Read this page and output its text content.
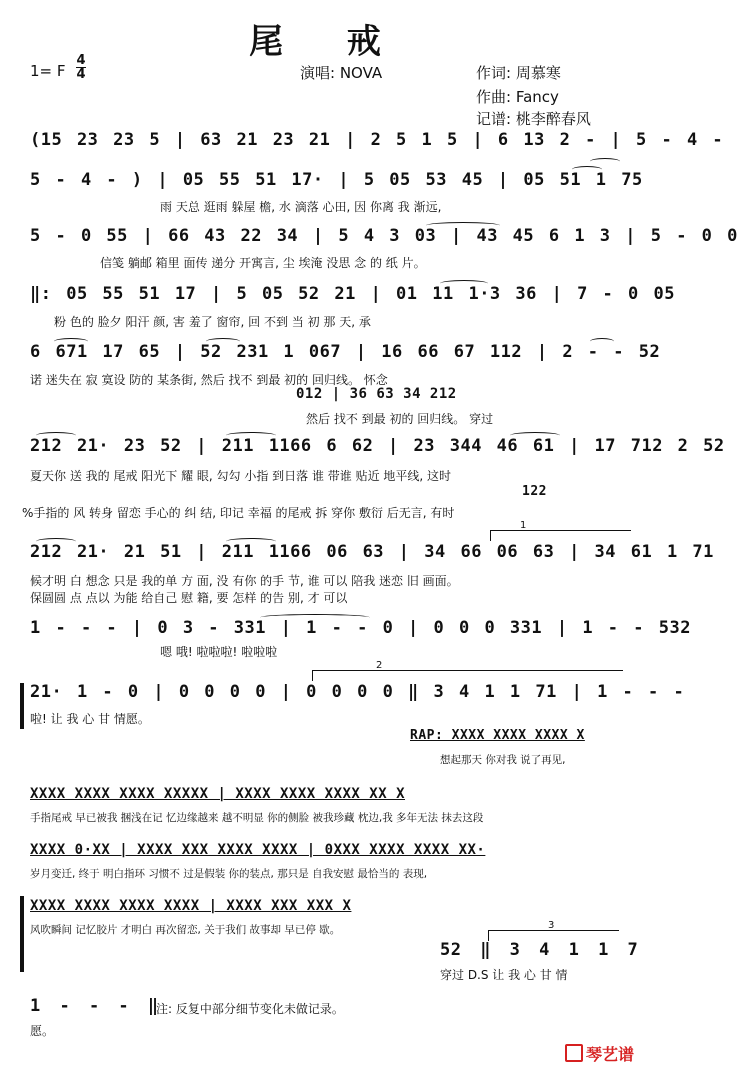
尾 戒
1= F
4
4	演唱: NOVA	作词: 周慕寒
作曲: Fancy
记谱: 桃李醉春风
(15 23 23 5 | 63 21 23 21 | 2 5 1 5 | 6 13 2 - | 5 - 4 -
5 - 4 - ) | 05 55 51 17· | 5 05 53 45 | 05 51 1 75
雨 天总 逛雨 躲屋 檐, 水 滴落 心田, 因 你离 我 渐远,
5 - 0 55 | 66 43 22 34 | 5 4 3 03 | 43 45 6 1 3 | 5 - 0 0
信笺 躺邮 箱里 面传 递分 开寓言, 尘 埃淹 没思 念 的 纸 片。
‖: 05 55 51 17 | 5 05 52 21 | 01 11 1·3 36 | 7 - 0 05
粉 色的 脸夕 阳汗 颜, 害 羞了 窗帘, 回 不到 当 初 那 天, 承
6 671 17 65 | 52 231 1 067 | 16 66 67 112 | 2 - - 52
诺 迷失在 寂 寞设 防的 某条街, 然后 找不 到最 初的 回归线。 怀念
012 | 36 63 34 212
然后 找不 到最 初的 回归线。 穿过
212 21· 23 52 | 211 1166 6 62 | 23 344 46 61 | 17 712 2 52
夏天你 送 我的 尾戒 阳光下 耀 眼, 勾勾 小指 到日落 谁 带谁 贴近 地平线, 这时
122
%手指的 风 转身 留恋 手心的 纠 结, 印记 幸福 的尾戒 拆 穿你 敷衍 后无言, 有时
1
212 21· 21 51 | 211 1166 06 63 | 34 66 06 63 | 34 61 1 71
候才明 白 想念 只是 我的单 方 面, 没 有你 的手 节, 谁 可以 陪我 迷恋 旧 画面。
保圆圆 点 点以 为能 给自己 慰 籍, 要 怎样 的告 别, 才 可以
1 - - - | 0 3 - 331 | 1 - - 0 | 0 0 0 331 | 1 - - 532
嗯 哦! 啦啦啦! 啦啦啦
2
21· 1 - 0 | 0 0 0 0 | 0 0 0 0 ‖ 3 4 1 1 71 | 1 - - -
啦! 让 我 心 甘 情愿。
RAP: XXXX XXXX XXXX X
想起那天 你对我 说了再见,
XXXX XXXX XXXX XXXXX | XXXX XXXX XXXX XX X
手指尾戒 早已被我 捆浅在记 忆边缘越来 越不明显 你的侧脸 被我珍藏 枕边,我 多年无法 抹去这段
XXXX 0·XX | XXXX XXX XXXX XXXX | 0XXX XXXX XXXX XX·
岁月变迁, 终于 明白指环 习惯不 过是假装 你的装点, 那只是 自我安慰 最恰当的 表现,
XXXX XXXX XXXX XXXX | XXXX XXX XXX X
风吹瞬间 记忆胶片 才明白 再次留恋, 关于我们 故事却 早已停 歇。	3
52 ‖ 3 4 1 1 7
穿过 D.S 让 我 心 甘 情
1 - - - ‖
愿。
注: 反复中部分细节变化未做记录。
琴艺谱
